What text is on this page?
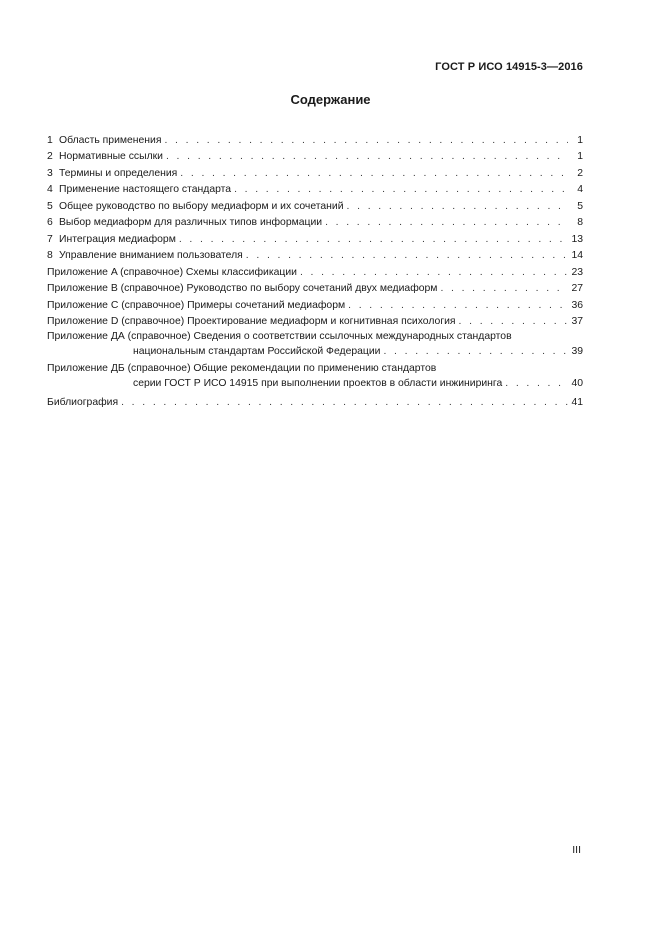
ГОСТ Р ИСО 14915-3—2016
Содержание
1 Область применения . . .	1
2 Нормативные ссылки . . .	1
3 Термины и определения . . .	2
4 Применение настоящего стандарта . . .	4
5 Общее руководство по выбору медиаформ и их сочетаний . . .	5
6 Выбор медиаформ для различных типов информации . . .	8
7 Интеграция медиаформ . . .	13
8 Управление вниманием пользователя . . .	14
Приложение A (справочное) Схемы классификации . . .	23
Приложение B (справочное) Руководство по выбору сочетаний двух медиаформ . . .	27
Приложение C (справочное) Примеры сочетаний медиаформ . . .	36
Приложение D (справочное) Проектирование медиаформ и когнитивная психология . . .	37
Приложение ДА (справочное) Сведения о соответствии ссылочных международных стандартов
национальным стандартам Российской Федерации . . .	39
Приложение ДБ (справочное) Общие рекомендации по применению стандартов
серии ГОСТ Р ИСО 14915 при выполнении проектов в области инжиниринга . . .	40
Библиография . . .	41
III
